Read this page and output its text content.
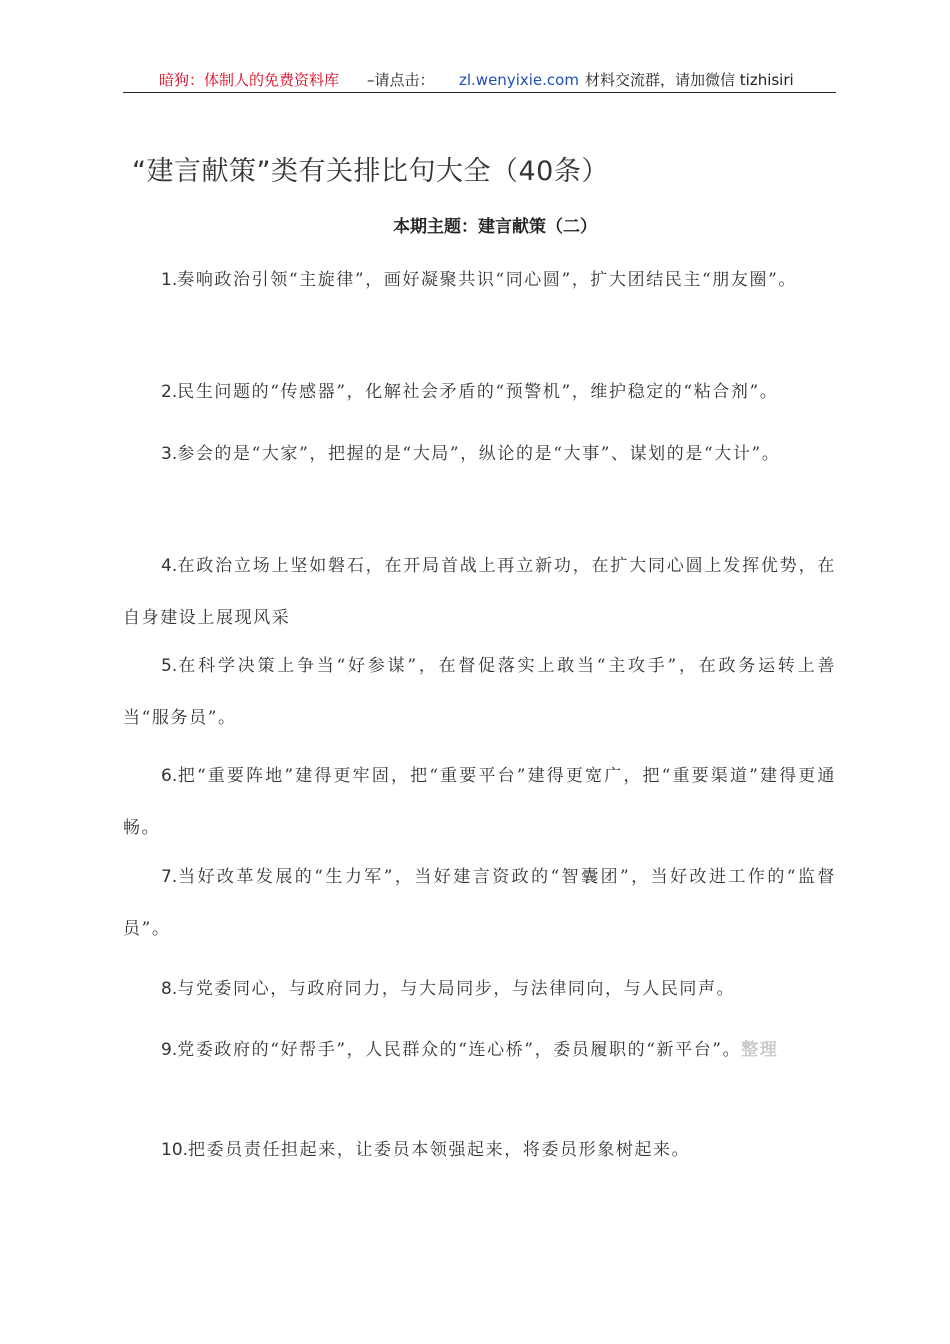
暗狗：体制人的免费资料库 –请点击： zl.wenyixie.com 材料交流群，请加微信 tizhisiri
“建言献策”类有关排比句大全（40条）
本期主题：建言献策（二）
1.奏响政治引领“主旋律”，画好凝聚共识“同心圆”，扩大团结民主“朋友圈”。
2.民生问题的“传感器”，化解社会矛盾的“预警机”，维护稳定的“粘合剂”。
3.参会的是“大家”，把握的是“大局”，纵论的是“大事”、谋划的是“大计”。
4.在政治立场上坚如磐石，在开局首战上再立新功，在扩大同心圆上发挥优势，在自身建设上展现风采
5.在科学决策上争当“好参谋”，在督促落实上敢当“主攻手”，在政务运转上善当“服务员”。
6.把“重要阵地”建得更牢固，把“重要平台”建得更宽广，把“重要渠道”建得更通畅。
7.当好改革发展的“生力军”，当好建言资政的“智囊团”，当好改进工作的“监督员”。
8.与党委同心，与政府同力，与大局同步，与法律同向，与人民同声。
9.党委政府的“好帮手”，人民群众的“连心桥”，委员履职的“新平台”。整理
10.把委员责任担起来，让委员本领强起来，将委员形象树起来。
